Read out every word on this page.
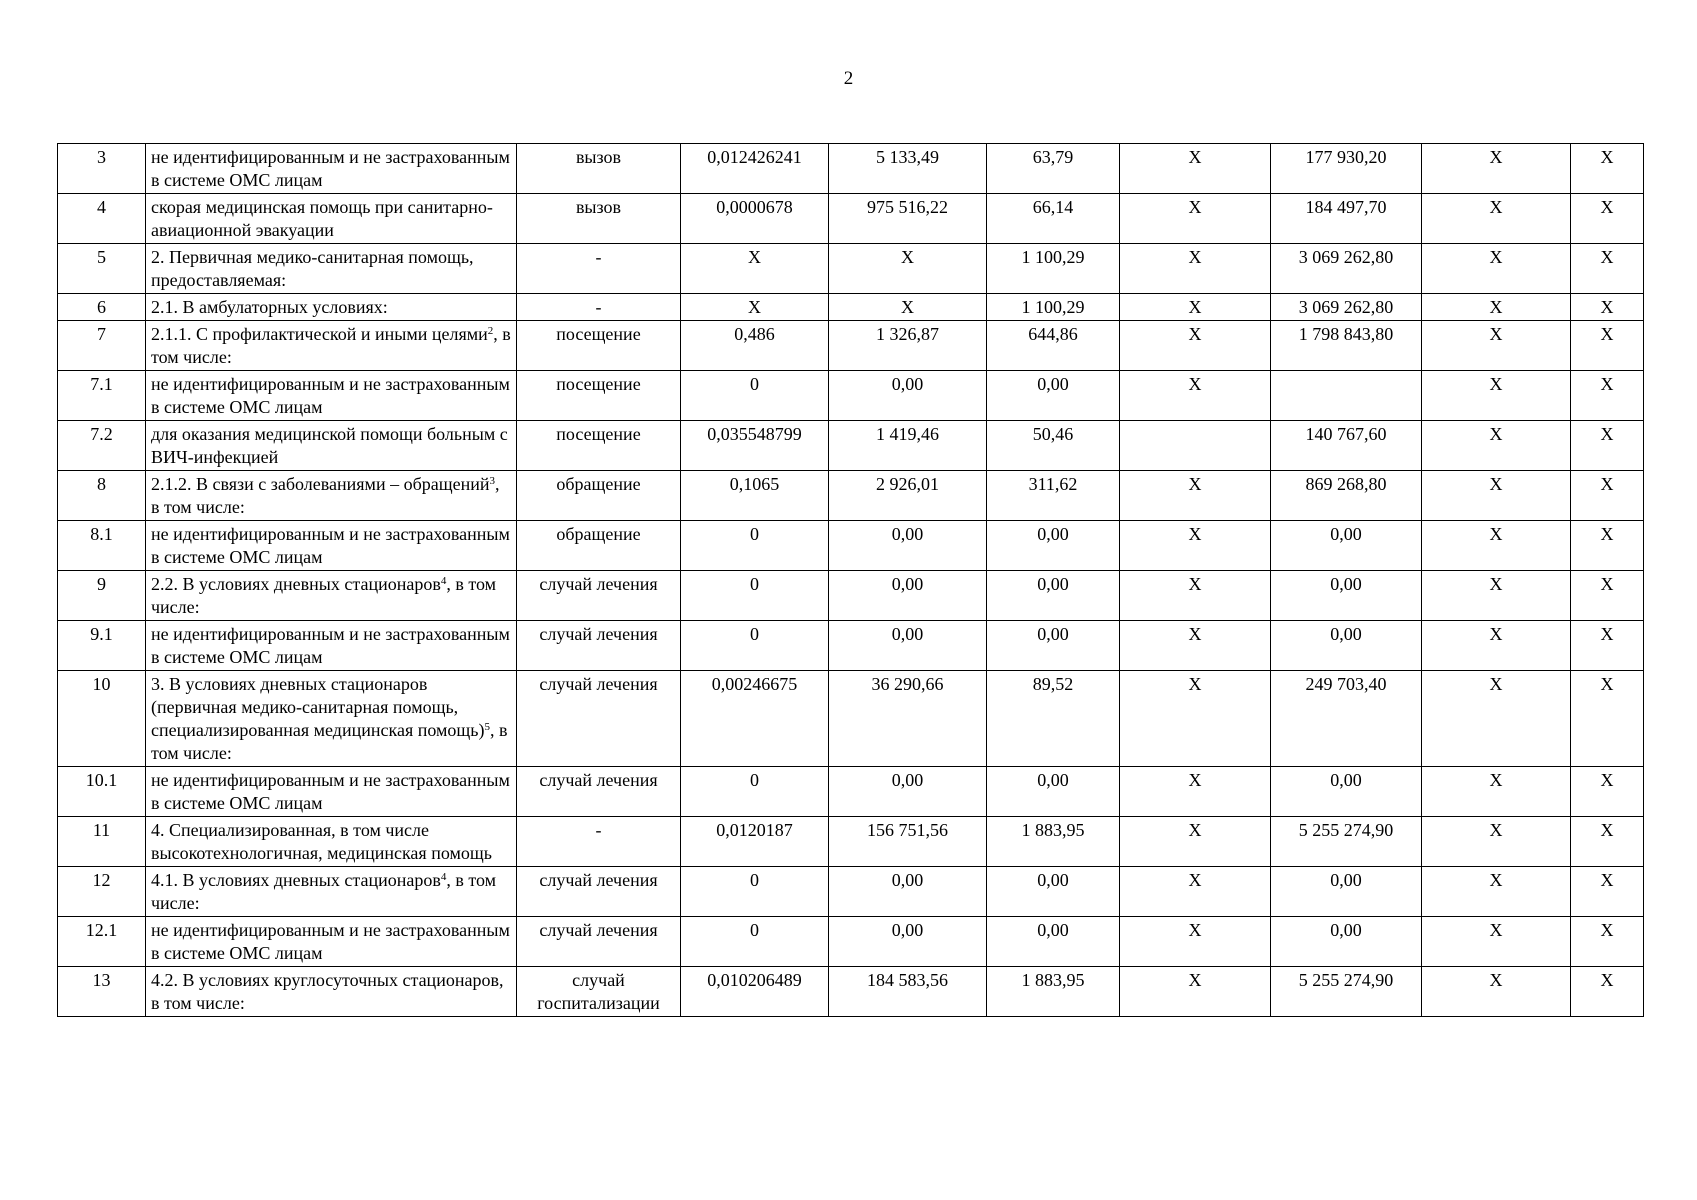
2
3	не идентифицированным и не застрахованным в системе ОМС лицам	вызов	0,012426241	5 133,49	63,79	Х	177 930,20	Х	Х
4	скорая медицинская помощь при санитарно-авиационной эвакуации	вызов	0,0000678	975 516,22	66,14	Х	184 497,70	Х	Х
5	2. Первичная медико-санитарная помощь, предоставляемая:	-	Х	Х	1 100,29	Х	3 069 262,80	Х	Х
6	2.1. В амбулаторных условиях:	-	Х	Х	1 100,29	Х	3 069 262,80	Х	Х
7	2.1.1. С профилактической и иными целями$^2$, в том числе:	посещение	0,486	1 326,87	644,86	Х	1 798 843,80	Х	Х
7.1	не идентифицированным и не застрахованным в системе ОМС лицам	посещение	0	0,00	0,00	Х		Х	Х
7.2	для оказания медицинской помощи больным с ВИЧ-инфекцией	посещение	0,035548799	1 419,46	50,46		140 767,60	Х	Х
8	2.1.2. В связи с заболеваниями – обращений$^3$, в том числе:	обращение	0,1065	2 926,01	311,62	Х	869 268,80	Х	Х
8.1	не идентифицированным и не застрахованным в системе ОМС лицам	обращение	0	0,00	0,00	Х	0,00	Х	Х
9	2.2. В условиях дневных стационаров$^4$, в том числе:	случай лечения	0	0,00	0,00	Х	0,00	Х	Х
9.1	не идентифицированным и не застрахованным в системе ОМС лицам	случай лечения	0	0,00	0,00	Х	0,00	Х	Х
10	3. В условиях дневных стационаров (первичная медико-санитарная помощь, специализированная медицинская помощь)$^5$, в том числе:	случай лечения	0,00246675	36 290,66	89,52	Х	249 703,40	Х	Х
10.1	не идентифицированным и не застрахованным в системе ОМС лицам	случай лечения	0	0,00	0,00	Х	0,00	Х	Х
11	4. Специализированная, в том числе высокотехнологичная, медицинская помощь	-	0,0120187	156 751,56	1 883,95	Х	5 255 274,90	Х	Х
12	4.1. В условиях дневных стационаров$^4$, в том числе:	случай лечения	0	0,00	0,00	Х	0,00	Х	Х
12.1	не идентифицированным и не застрахованным в системе ОМС лицам	случай лечения	0	0,00	0,00	Х	0,00	Х	Х
13	4.2. В условиях круглосуточных стационаров, в том числе:	случай госпитализации	0,010206489	184 583,56	1 883,95	Х	5 255 274,90	Х	Х
